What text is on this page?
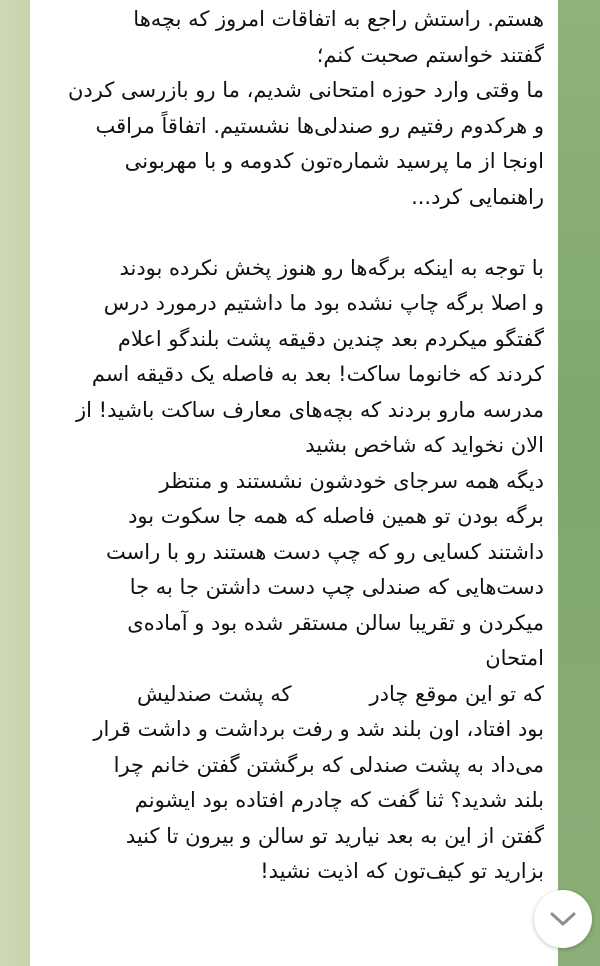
هستم. راستش راجع به اتفاقات امروز که بچه‌ها
گفتند خواستم صحبت کنم؛
ما وقتی وارد حوزه امتحانی شدیم، ما رو بازرسی کردن
و هرکدوم رفتیم رو صندلی‌ها نشستیم. اتفاقاً مراقب
اونجا از ما پرسید شماره‌تون کدومه و با مهربونی
راهنمایی کرد...
با توجه به اینکه برگه‌ها رو هنوز پخش نکرده بودند
و اصلا برگه چاپ نشده بود ما داشتیم درمورد درس
گفتگو میکردم بعد چندین دقیقه پشت بلندگو اعلام
کردند که خانوما ساکت! بعد به فاصله یک دقیقه اسم
مدرسه مارو بردند که بچه‌های معارف ساکت باشید! از
الان نخواید که شاخص بشید
دیگه همه سرجای خودشون نشستند و منتظر
برگه بودن تو همین فاصله که همه جا سکوت بود
داشتند کسایی رو که چپ دست هستند رو با راست
دست‌هایی که صندلی چپ دست داشتن جا به جا
میکردن و تقریبا سالن مستقر شده بود و آماده‌ی
امتحان
که تو این موقع چادرکه پشت صندلیش
بود افتاد، اون بلند شد و رفت برداشت و داشت قرار
می‌داد به پشت صندلی که برگشتن گفتن خانم چرا
بلند شدید؟ ثنا گفت که چادرم افتاده بود ایشونم
گفتن از این به بعد نیارید تو سالن و بیرون تا کنید
بزارید تو کیف‌تون که اذیت نشید!
